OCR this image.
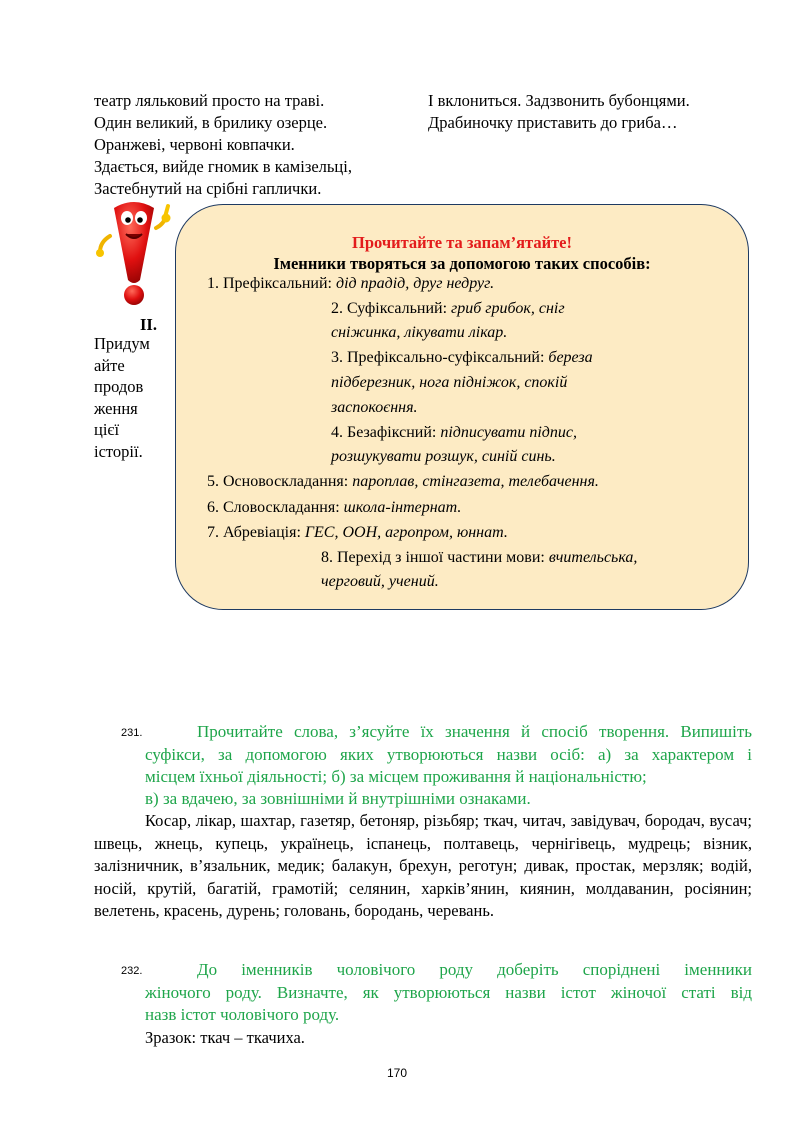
театр ляльковий просто на траві.
Один великий, в брилику озерце.
Оранжеві, червоні ковпачки.
Здається, вийде гномик в камізельці,
Застебнутий на срібні гаплички.
І вклониться. Задзвонить бубонцями.
Драбиночку приставить до гриба…
ІІ.
Придум
айте
продов
ження
цієї
історії.
Прочитайте та запам’ятайте!
Іменники творяться за допомогою таких способів:
1. Префіксальний: дід прадід, друг недруг.
2. Суфіксальний: гриб грибок, сніг
сніжинка, лікувати лікар.
3. Префіксально-суфіксальний: береза
підберезник, нога підніжок, спокій
заспокоєння.
4. Безафіксний: підписувати підпис,
розшукувати розшук, синій синь.
5. Основоскладання: пароплав, стінгазета, телебачення.
6. Словоскладання: школа-інтернат.
7. Абревіація: ГЕС, ООН, агропром, юннат.
8. Перехід з іншої частини мови: вчительська,
черговий, учений.
231.	Прочитайте слова, з’ясуйте їх значення й спосіб творення. Випишіть
суфікси, за допомогою яких утворюються назви осіб: а) за характером і
місцем їхньої діяльності; б) за місцем проживання й національністю;
в) за вдачею, за зовнішніми й внутрішніми ознаками.
Косар, лікар, шахтар, газетяр, бетоняр, різьбяр; ткач, читач, завідувач, бородач, вусач; швець, жнець, купець, українець, іспанець, полтавець, чернігівець, мудрець; візник, залізничник, в’язальник, медик; балакун, брехун, реготун; дивак, простак, мерзляк; водій, носій, крутій, багатій, грамотій; селянин, харків’янин, киянин, молдаванин, росіянин; велетень, красень, дурень; головань, бородань, черевань.
232.	До іменників чоловічого роду доберіть споріднені іменники
жіночого роду. Визначте, як утворюються назви істот жіночої статі від
назв істот чоловічого роду.
Зразок: ткач – ткачиха.
170
